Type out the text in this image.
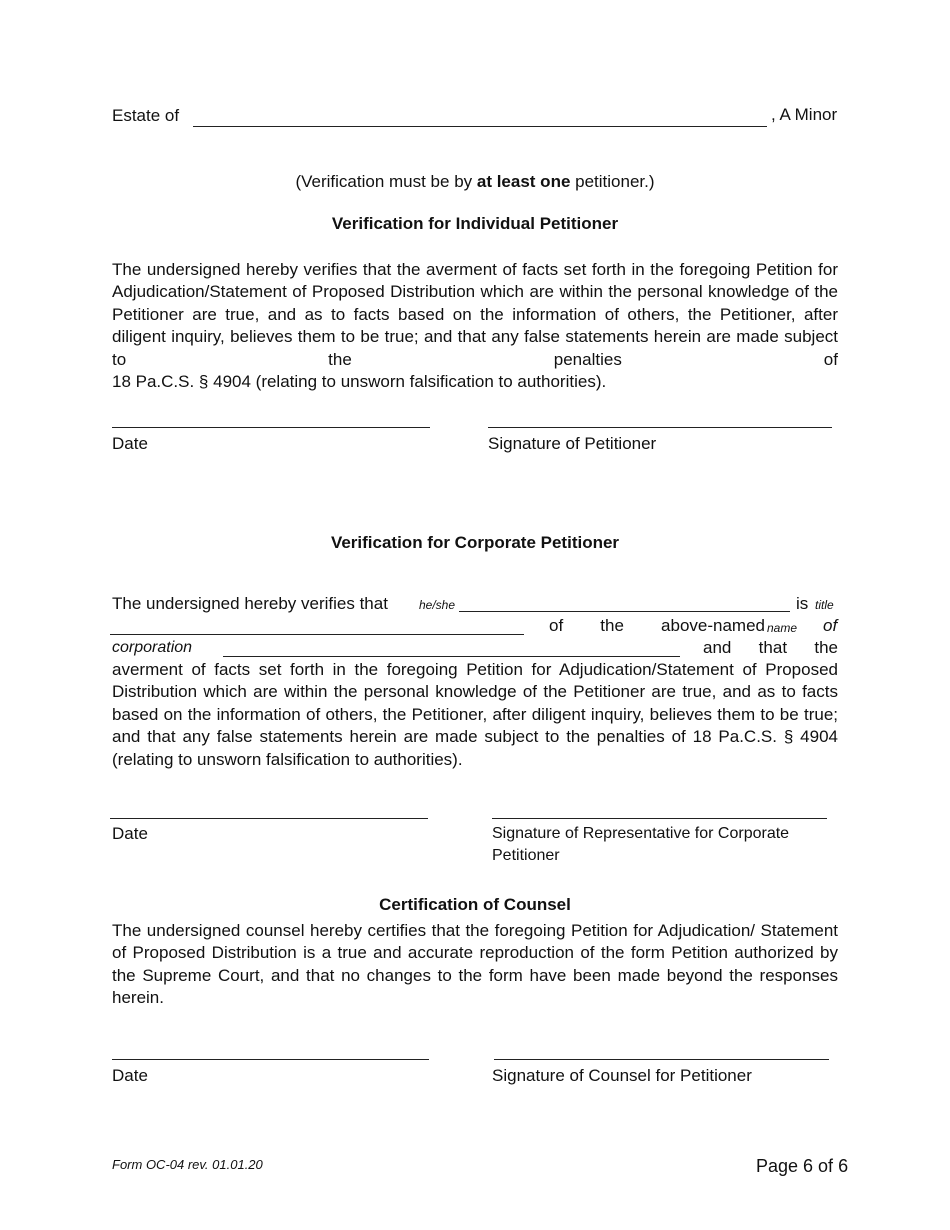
Estate of	, A Minor
(Verification must be by at least one petitioner.)
Verification for Individual Petitioner
The undersigned hereby verifies that the averment of facts set forth in the foregoing Petition for Adjudication/Statement of Proposed Distribution which are within the personal knowledge of the Petitioner are true, and as to facts based on the information of others, the Petitioner, after diligent inquiry, believes them to be true; and that any false statements herein are made subject to the penalties of
18 Pa.C.S. § 4904 (relating to unsworn falsification to authorities).
Date	Signature of Petitioner
Verification for Corporate Petitioner
The undersigned hereby verifies that	he/she	is title
of the above-named name of
corporation	and that the
averment of facts set forth in the foregoing Petition for Adjudication/Statement of Proposed Distribution which are within the personal knowledge of the Petitioner are true, and as to facts based on the information of others, the Petitioner, after diligent inquiry, believes them to be true; and that any false statements herein are made subject to the penalties of 18 Pa.C.S. § 4904 (relating to unsworn falsification to authorities).
Date	Signature of Representative for Corporate Petitioner
Certification of Counsel
The undersigned counsel hereby certifies that the foregoing Petition for Adjudication/ Statement of Proposed Distribution is a true and accurate reproduction of the form Petition authorized by the Supreme Court, and that no changes to the form have been made beyond the responses herein.
Date	Signature of Counsel for Petitioner
Form OC-04 rev. 01.01.20	Page 6 of 6
